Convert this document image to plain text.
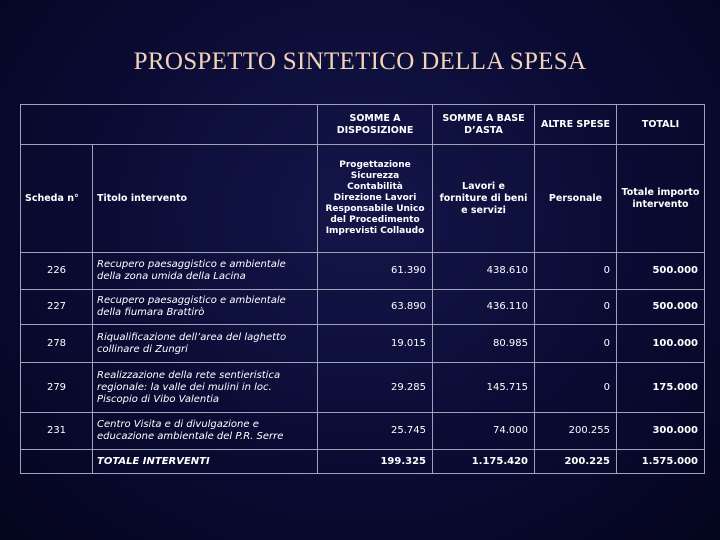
PROSPETTO SINTETICO DELLA SPESA
		SOMME A DISPOSIZIONE	SOMME A BASE D’ASTA	ALTRE SPESE	TOTALI
Scheda n°	Titolo intervento	Progettazione Sicurezza Contabilità Direzione Lavori Responsabile Unico del Procedimento Imprevisti Collaudo	Lavori e forniture di beni e servizi	Personale	Totale importo intervento
226	Recupero paesaggistico e ambientale della zona umida della Lacina	61.390	438.610	0	500.000
227	Recupero paesaggistico e ambientale della fiumara Brattirò	63.890	436.110	0	500.000
278	Riqualificazione dell’area del laghetto collinare di Zungri	19.015	80.985	0	100.000
279	Realizzazione della rete sentieristica regionale: la valle dei mulini in loc. Piscopio di Vibo Valentia	29.285	145.715	0	175.000
231	Centro Visita e di divulgazione e educazione ambientale del P.R. Serre	25.745	74.000	200.255	300.000
	TOTALE INTERVENTI	199.325	1.175.420	200.225	1.575.000
